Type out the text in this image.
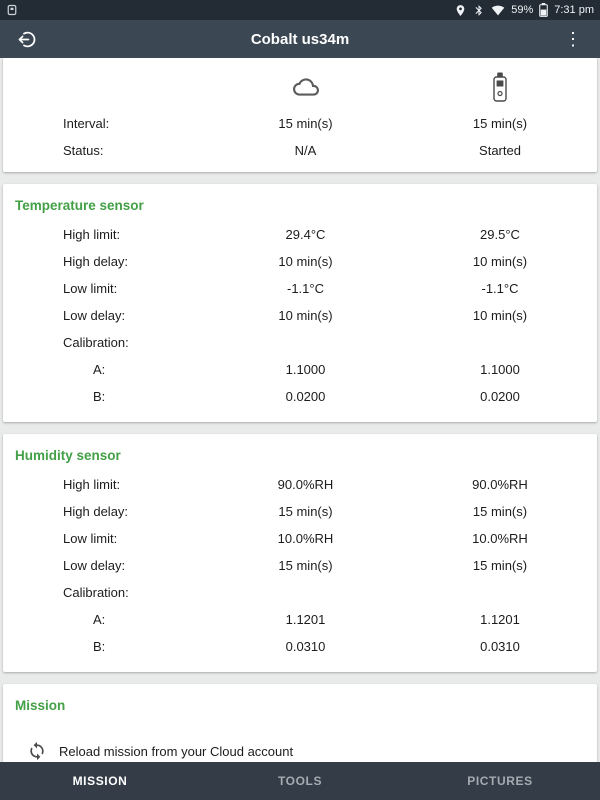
59% 7:31 pm
Cobalt us34m	⋮
Interval:	15 min(s)	15 min(s)
Status:	N/A	Started
Temperature sensor
High limit:	29.4°C	29.5°C
High delay:	10 min(s)	10 min(s)
Low limit:	-1.1°C	-1.1°C
Low delay:	10 min(s)	10 min(s)
Calibration:
A:	1.1000	1.1000
B:	0.0200	0.0200
Humidity sensor
High limit:	90.0%RH	90.0%RH
High delay:	15 min(s)	15 min(s)
Low limit:	10.0%RH	10.0%RH
Low delay:	15 min(s)	15 min(s)
Calibration:
A:	1.1201	1.1201
B:	0.0310	0.0310
Mission
Reload mission from your Cloud account
MISSION	TOOLS	PICTURES
